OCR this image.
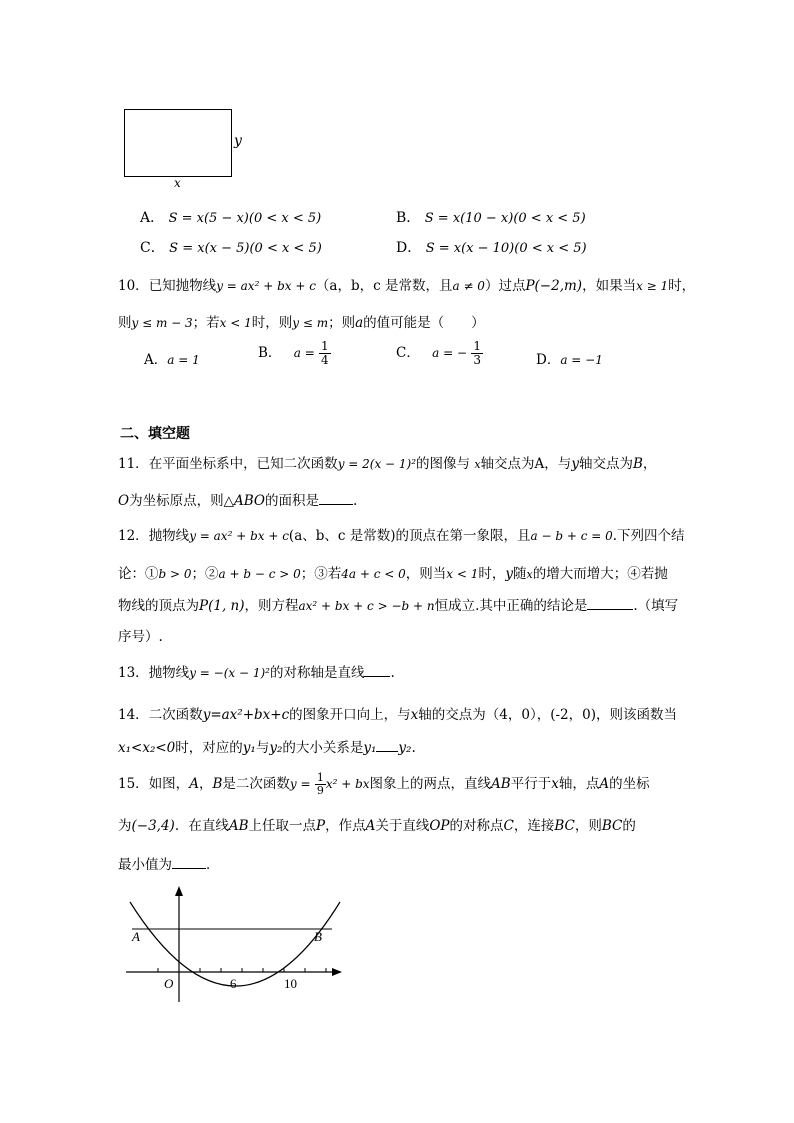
y
x
A． S = x(5 − x)(0 < x < 5)	B． S = x(10 − x)(0 < x < 5)
C． S = x(x − 5)(0 < x < 5)	D． S = x(x − 10)(0 < x < 5)
10．已知抛物线y = ax² + bx + c（a，b，c 是常数，且a ≠ 0）过点P(−2,m)，如果当x ≥ 1时，
则y ≤ m − 3；若x < 1时，则y ≤ m；则a的值可能是（　　）
A．a = 1	B． $a = \frac{1}{4}$	C． a = − $\frac{1}{3}$	D．a = −1
二、填空题
11．在平面坐标系中，已知二次函数y = 2(x − 1)²的图像与 x轴交点为A，与y轴交点为B，
O为坐标原点，则△ABO的面积是	.
12．抛物线y = ax² + bx + c(a、b、c 是常数)的顶点在第一象限，且a − b + c = 0.下列四个结
论：①b > 0；②a + b − c > 0；③若4a + c < 0，则当x < 1时，y随x的增大而增大；④若抛
物线的顶点为P(1, n)，则方程ax² + bx + c > −b + n恒成立.其中正确的结论是	.（填写
序号）.
13．抛物线y = −(x − 1)²的对称轴是直线 .
14．二次函数y=ax²+bx+c的图象开口向上，与x轴的交点为（4，0），(-2，0)，则该函数当
x₁<x₂<0时，对应的y₁与y₂的大小关系是y₁ y₂.
15．如图，A，B是二次函数$y = \frac{1}{9} x^2$ + bx图象上的两点，直线AB平行于x轴，点A的坐标
为(−3,4)．在直线AB上任取一点P，作点A关于直线OP的对称点C，连接BC，则BC的
最小值为	．
A	B
O	6	10
